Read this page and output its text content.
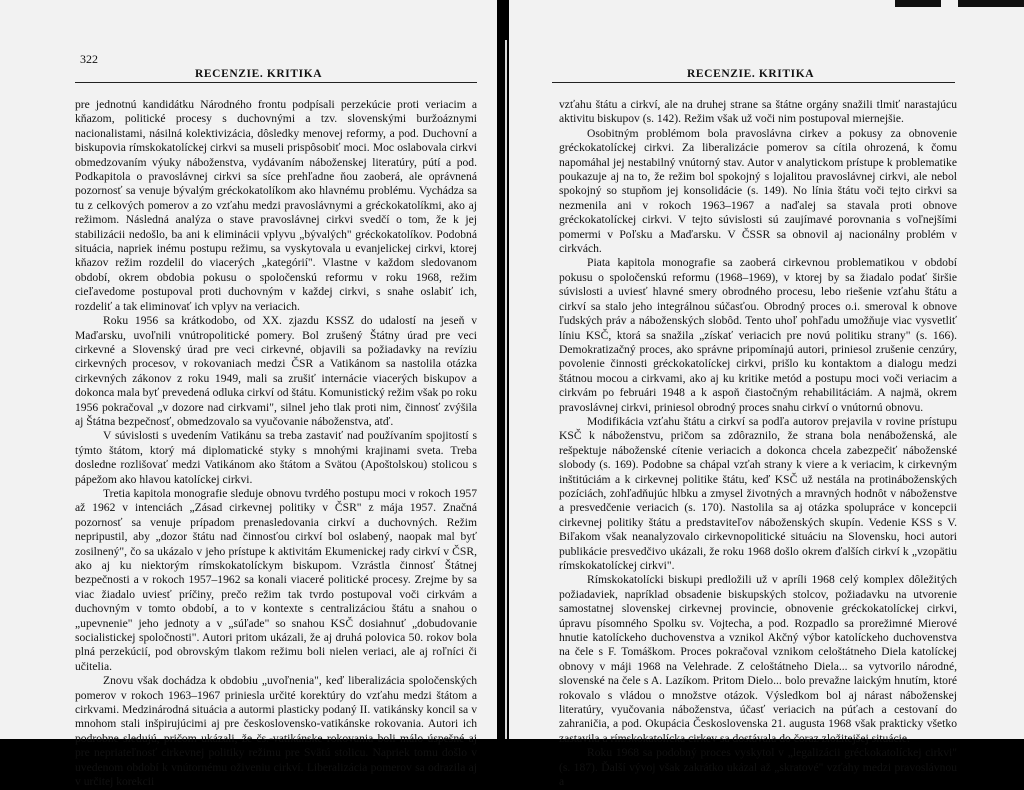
322
RECENZIE. KRITIKA

pre jednotnú kandidátku Národného frontu podpísali perzekúcie proti veriacim a kňazom, politické procesy s duchovnými a tzv. slovenskými buržoáznymi nacionalistami, násilná kolektivizácia, dôsledky menovej reformy, a pod. Duchovní a biskupovia rímskokatolíckej cirkvi sa museli prispôsobiť moci. Moc oslabovala cirkvi obmedzovaním výuky náboženstva, vydávaním náboženskej literatúry, pútí a pod. Podkapitola o pravoslávnej cirkvi sa síce prehľadne ňou zaoberá, ale oprávnená pozornosť sa venuje bývalým gréckokatolíkom ako hlavnému problému. Vychádza sa tu z celkových pomerov a zo vzťahu medzi pravoslávnymi a gréckokatolíkmi, ako aj režimom. Následná analýza o stave pravoslávnej cirkvi svedčí o tom, že k jej stabilizácii nedošlo, ba ani k eliminácii vplyvu „bývalých" gréckokatolíkov. Podobná situácia, napriek inému postupu režimu, sa vyskytovala u evanjelickej cirkvi, ktorej kňazov režim rozdelil do viacerých „kategórií". Vlastne v každom sledovanom období, okrem obdobia pokusu o spoločenskú reformu v roku 1968, režim cieľavedome postupoval proti duchovným v každej cirkvi, s snahe oslabiť ich, rozdeliť a tak eliminovať ich vplyv na veriacich.

Roku 1956 sa krátkodobo, od XX. zjazdu KSSZ do udalostí na jeseň v Maďarsku, uvoľnili vnútropolitické pomery. Bol zrušený Štátny úrad pre veci cirkevné a Slovenský úrad pre veci cirkevné, objavili sa požiadavky na revíziu cirkevných procesov, v rokovaniach medzi ČSR a Vatikánom sa nastolila otázka cirkevných zákonov z roku 1949, mali sa zrušiť internácie viacerých biskupov a dokonca mala byť prevedená odluka cirkví od štátu. Komunistický režim však po roku 1956 pokračoval „v dozore nad cirkvami", silnel jeho tlak proti nim, činnosť zvýšila aj Štátna bezpečnosť, obmedzovalo sa vyučovanie náboženstva, atď.

V súvislosti s uvedením Vatikánu sa treba zastaviť nad používaním spojitostí s týmto štátom, ktorý má diplomatické styky s mnohými krajinami sveta. Treba dosledne rozlišovať medzi Vatikánom ako štátom a Svätou (Apoštolskou) stolicou s pápežom ako hlavou katolíckej cirkvi.

Tretia kapitola monografie sleduje obnovu tvrdého postupu moci v rokoch 1957 až 1962 v intenciách „Zásad cirkevnej politiky v ČSR" z mája 1957. Značná pozornosť sa venuje prípadom prenasledovania cirkví a duchovných. Režim nepripustil, aby „dozor štátu nad činnosťou cirkví bol oslabený, naopak mal byť zosilnený", čo sa ukázalo v jeho prístupe k aktivitám Ekumenickej rady cirkví v ČSR, ako aj ku niektorým rímskokatolíckym biskupom. Vzrástla činnosť Štátnej bezpečnosti a v rokoch 1957–1962 sa konali viaceré politické procesy. Zrejme by sa viac žiadalo uviesť príčiny, prečo režim tak tvrdo postupoval voči cirkvám a duchovným v tomto období, a to v kontexte s centralizáciou štátu a snahou o „upevnenie" jeho jednoty a v „súľade" so snahou KSČ dosiahnuť „dobudovanie socialistickej spoločnosti". Autori pritom ukázali, že aj druhá polovica 50. rokov bola plná perzekúcií, pod obrovským tlakom režimu boli nielen veriaci, ale aj roľníci či učitelia.

Znovu však dochádza k obdobiu „uvoľnenia", keď liberalizácia spoločenských pomerov v rokoch 1963–1967 priniesla určité korektúry do vzťahu medzi štátom a cirkvami. Medzinárodná situácia a autormi plasticky podaný II. vatikánsky koncil sa v mnohom stali inšpirujúcimi aj pre československo-vatikánske rokovania. Autori ich podrobne sledujú, pričom ukázali, že čs.-vatikánske rokovania boli málo úspešné aj pre nepriateľnosť cirkevnej politiky režimu pre Svätú stolicu. Napriek tomu došlo v uvedenom období k vnútornému oživeniu cirkví. Liberalizácia pomerov sa odrazila aj v určitej korekcii

RECENZIE. KRITIKA

vzťahu štátu a cirkví, ale na druhej strane sa štátne orgány snažili tlmiť narastajúcu aktivitu biskupov (s. 142). Režim však už voči nim postupoval miernejšie.

Osobitným problémom bola pravoslávna cirkev a pokusy za obnovenie gréckokatolíckej cirkvi. Za liberalizácie pomerov sa cítila ohrozená, k čomu napomáhal jej nestabilný vnútorný stav. Autor v analytickom prístupe k problematike poukazuje aj na to, že režim bol spokojný s lojalitou pravoslávnej cirkvi, ale nebol spokojný so stupňom jej konsolidácie (s. 149). No línia štátu voči tejto cirkvi sa nezmenila ani v rokoch 1963–1967 a naďalej sa stavala proti obnove gréckokatolíckej cirkvi. V tejto súvislosti sú zaujímavé porovnania s voľnejšími pomermi v Poľsku a Maďarsku. V ČSSR sa obnovil aj nacionálny problém v cirkvách.

Piata kapitola monografie sa zaoberá cirkevnou problematikou v období pokusu o spoločenskú reformu (1968–1969), v ktorej by sa žiadalo podať širšie súvislosti a uviesť hlavné smery obrodného procesu, lebo riešenie vzťahu štátu a cirkví sa stalo jeho integrálnou súčasťou. Obrodný proces o.i. smeroval k obnove ľudských práv a náboženských slobôd. Tento uhoľ pohľadu umožňuje viac vysvetliť líniu KSČ, ktorá sa snažila „získať veriacich pre novú politiku strany" (s. 166). Demokratizačný proces, ako správne pripomínajú autori, priniesol zrušenie cenzúry, povolenie činnosti gréckokatolíckej cirkvi, prišlo ku kontaktom a dialogu medzi štátnou mocou a cirkvami, ako aj ku kritike metód a postupu moci voči veriacim a cirkvám po februári 1948 a k aspoň čiastočným rehabilitáciám. A najmä, okrem pravoslávnej cirkvi, priniesol obrodný proces snahu cirkví o vnútornú obnovu.

Modifikácia vzťahu štátu a cirkví sa podľa autorov prejavila v rovine prístupu KSČ k náboženstvu, pričom sa zdôraznilo, že strana bola nenáboženská, ale rešpektuje náboženské cítenie veriacich a dokonca chcela zabezpečiť náboženské slobody (s. 169). Podobne sa chápal vzťah strany k viere a k veriacim, k cirkevným inštitúciám a k cirkevnej politike štátu, keď KSČ už nestála na protináboženských pozíciách, zohľadňujúc hlbku a zmysel životných a mravných hodnôt v náboženstve a presvedčenie veriacich (s. 170). Nastolila sa aj otázka spolupráce v koncepcii cirkevnej politiky štátu a predstaviteľov náboženských skupín. Vedenie KSS s V. Biľakom však neanalyzovalo cirkevnopolitické situáciu na Slovensku, hoci autori publikácie presvedčivo ukázali, že roku 1968 došlo okrem ďalších cirkví k „vzopätiu rímskokatolíckej cirkvi".

Rímskokatolícki biskupi predložili už v apríli 1968 celý komplex dôležitých požiadaviek, napríklad obsadenie biskupských stolcov, požiadavku na utvorenie samostatnej slovenskej cirkevnej provincie, obnovenie gréckokatolíckej cirkvi, úpravu písomného Spolku sv. Vojtecha, a pod. Rozpadlo sa prorežimné Mierové hnutie katolíckeho duchovenstva a vznikol Akčný výbor katolíckeho duchovenstva na čele s F. Tomáškom. Proces pokračoval vznikom celoštátneho Diela katolíckej obnovy v máji 1968 na Velehrade. Z celoštátneho Diela... sa vytvorilo národné, slovenské na čele s A. Lazíkom. Pritom Dielo... bolo prevažne laickým hnutím, ktoré rokovalo s vládou o množstve otázok. Výsledkom bol aj nárast náboženskej literatúry, vyučovania náboženstva, účasť veriacich na púťach a cestovaní do zahraničia, a pod. Okupácia Československa 21. augusta 1968 však prakticky všetko zastavila a rímskokatolícka cirkev sa dostávala do čoraz zložitejšej situácie.

Roku 1968 sa podobný proces vyskytol v „legalizácii gréckokatolíckej cirkvi" (s. 187). Ďalší vývoj však zakrátko ukázal až „skratové" vzťahy medzi pravoslávnou a
